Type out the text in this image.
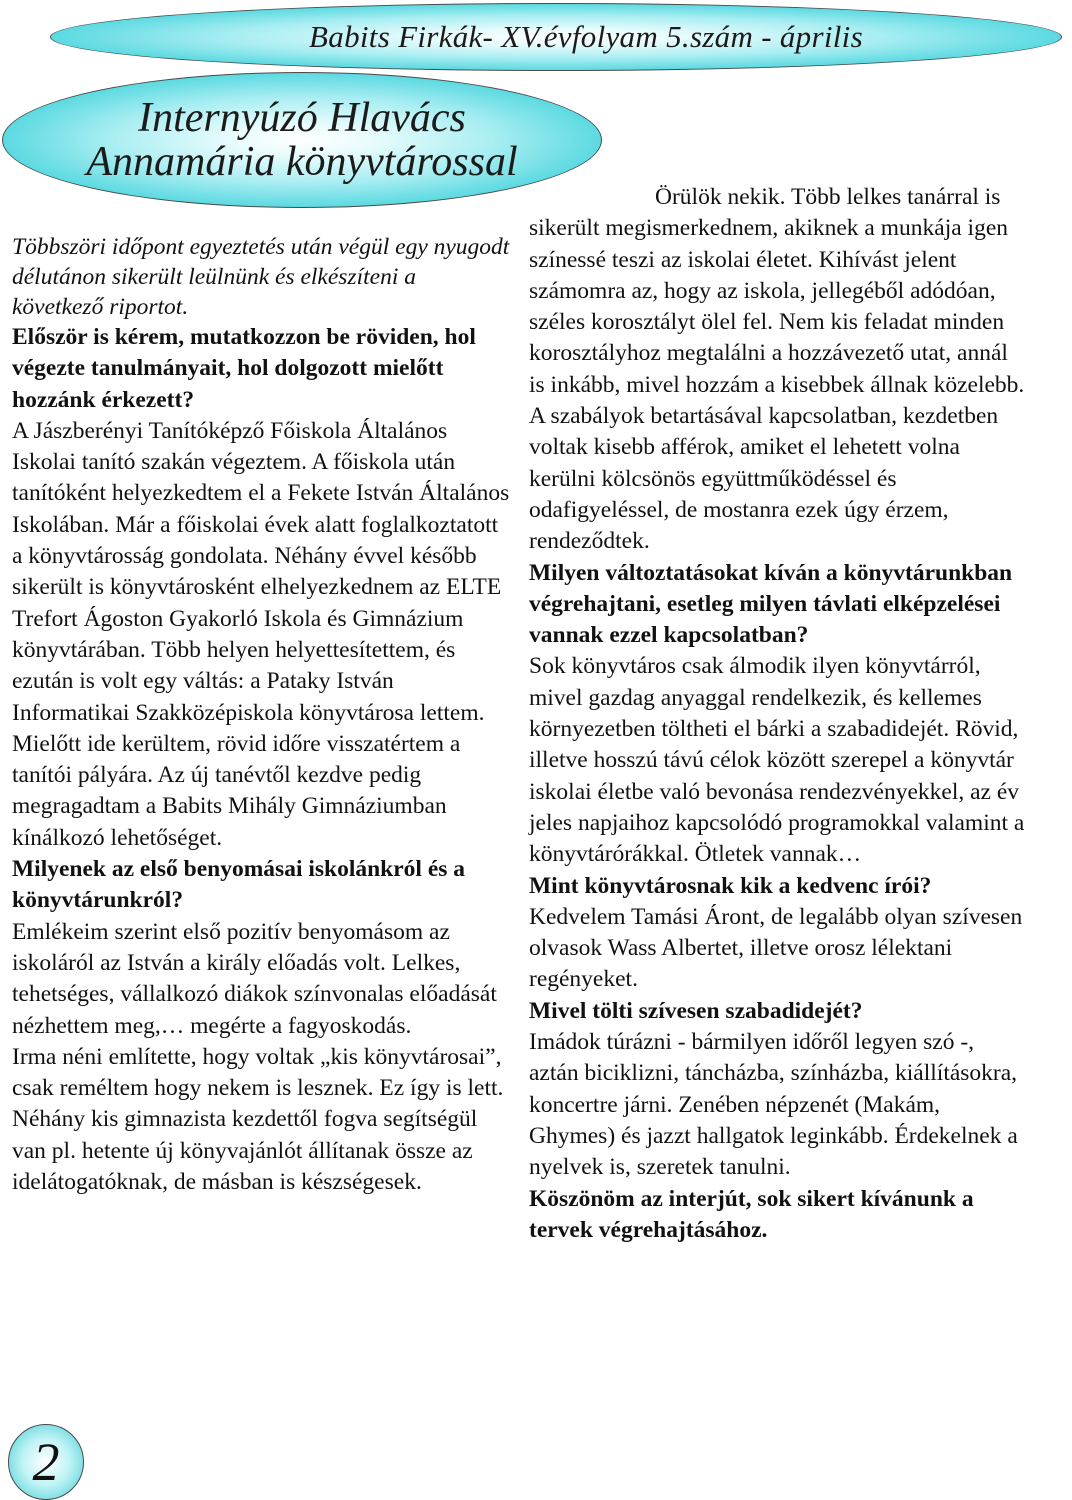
Babits Firkák- XV.évfolyam 5.szám - április
Internyúzó Hlavács
Annamária könyvtárossal

Többszöri időpont egyeztetés után végül egy nyugodt délutánon sikerült leülnünk és elkészíteni a következő riportot.

Először is kérem, mutatkozzon be röviden, hol végezte tanulmányait, hol dolgozott mielőtt hozzánk érkezett?

A Jászberényi Tanítóképző Főiskola Általános Iskolai tanító szakán végeztem. A főiskola után tanítóként helyezkedtem el a Fekete István Általános Iskolában. Már a főiskolai évek alatt foglalkoztatott a könyvtárosság gondolata. Néhány évvel később sikerült is könyvtárosként elhelyezkednem az ELTE Trefort Ágoston Gyakorló Iskola és Gimnázium könyvtárában. Több helyen helyettesítettem, és ezután is volt egy váltás: a Pataky István Informatikai Szakközépiskola könyvtárosa lettem. Mielőtt ide kerültem, rövid időre visszatértem a tanítói pályára. Az új tanévtől kezdve pedig megragadtam a Babits Mihály Gimnáziumban kínálkozó lehetőséget.

Milyenek az első benyomásai iskolánkról és a könyvtárunkról?

Emlékeim szerint első pozitív benyomásom az iskoláról az István a király előadás volt. Lelkes, tehetséges, vállalkozó diákok színvonalas előadását nézhettem meg,… megérte a fagyoskodás.

Irma néni említette, hogy voltak „kis könyvtárosai”, csak reméltem hogy nekem is lesznek. Ez így is lett. Néhány kis gimnazista kezdettől fogva segítségül van pl. hetente új könyvajánlót állítanak össze az idelátogatóknak, de másban is készségesek.

Örülök nekik. Több lelkes tanárral is sikerült megismerkednem, akiknek a munkája igen színessé teszi az iskolai életet. Kihívást jelent számomra az, hogy az iskola, jellegéből adódóan, széles korosztályt ölel fel. Nem kis feladat minden korosztályhoz megtalálni a hozzávezető utat, annál is inkább, mivel hozzám a kisebbek állnak közelebb. A szabályok betartásával kapcsolatban, kezdetben voltak kisebb afférok, amiket el lehetett volna kerülni kölcsönös együttműködéssel és odafigyeléssel, de mostanra ezek úgy érzem, rendeződtek.

Milyen változtatásokat kíván a könyvtárunkban végrehajtani, esetleg milyen távlati elképzelései vannak ezzel kapcsolatban?

Sok könyvtáros csak álmodik ilyen könyvtárról, mivel gazdag anyaggal rendelkezik, és kellemes környezetben töltheti el bárki a szabadidejét. Rövid, illetve hosszú távú célok között szerepel a könyvtár iskolai életbe való bevonása rendezvényekkel, az év jeles napjaihoz kapcsolódó programokkal valamint a könyvtárórákkal. Ötletek vannak…

Mint könyvtárosnak kik a kedvenc írói?

Kedvelem Tamási Áront, de legalább olyan szívesen olvasok Wass Albertet, illetve orosz lélektani regényeket.

Mivel tölti szívesen szabadidejét?

Imádok túrázni - bármilyen időről legyen szó -, aztán biciklizni, táncházba, színházba, kiállításokra, koncertre járni. Zenében népzenét (Makám, Ghymes) és jazzt hallgatok leginkább. Érdekelnek a nyelvek is, szeretek tanulni.

Köszönöm az interjút, sok sikert kívánunk a tervek végrehajtásához.

2
